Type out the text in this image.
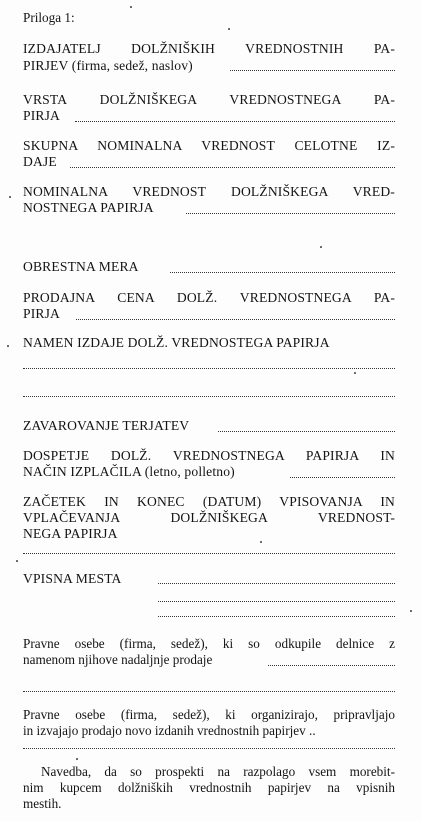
Priloga 1:
IZDAJATELJ DOLŽNIŠKIH VREDNOSTNIH PA-
PIRJEV (firma, sedež, naslov)
VRSTA DOLŽNIŠKEGA VREDNOSTNEGA PA-
PIRJA
SKUPNA NOMINALNA VREDNOST CELOTNE IZ-
DAJE
NOMINALNA VREDNOST DOLŽNIŠKEGA VRED-
NOSTNEGA PAPIRJA
OBRESTNA MERA
PRODAJNA CENA DOLŽ. VREDNOSTNEGA PA-
PIRJA
NAMEN IZDAJE DOLŽ. VREDNOSTEGA PAPIRJA
ZAVAROVANJE TERJATEV
DOSPETJE DOLŽ. VREDNOSTNEGA PAPIRJA IN
NAČIN IZPLAČILA (letno, polletno)
ZAČETEK IN KONEC (DATUM) VPISOVANJA IN
VPLAČEVANJA DOLŽNIŠKEGA VREDNOST-
NEGA PAPIRJA
VPISNA MESTA
Pravne osebe (firma, sedež), ki so odkupile delnice z
namenom njihove nadaljnje prodaje
Pravne osebe (firma, sedež), ki organizirajo, pripravljajo
in izvajajo prodajo novo izdanih vrednostnih papirjev ..
Navedba, da so prospekti na razpolago vsem morebit-
nim kupcem dolžniških vrednostnih papirjev na vpisnih
mestih.
